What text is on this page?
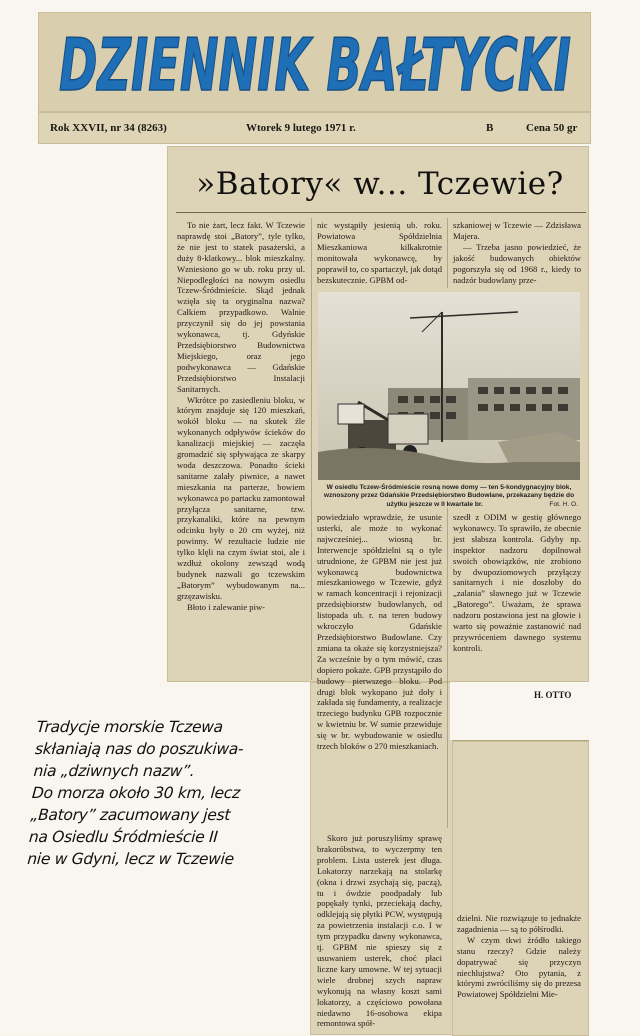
DZIENNIK BAŁTYCKI
Rok XXVII, nr 34 (8263)	Wtorek 9 lutego 1971 r.	B	Cena 50 gr
»Batory« w... Tczewie?

To nie żart, lecz fakt. W Tczewie naprawdę stoi „Batory”, tyle tylko, że nie jest to statek pasażerski, a duży 8-klatkowy... blok mieszkalny. Wzniesiono go w ub. roku przy ul. Niepodległości na nowym osiedlu Tczew-Śródmieście. Skąd jednak wzięła się ta oryginalna nazwa? Całkiem przypadkowo. Walnie przyczynił się do jej powstania wykonawca, tj. Gdyńskie Przedsiębiorstwo Budownictwa Miejskiego, oraz jego podwykonawca — Gdańskie Przedsiębiorstwo Instalacji Sanitarnych.

Wkrótce po zasiedleniu bloku, w którym znajduje się 120 mieszkań, wokół bloku — na skutek źle wykonanych odpływów ścieków do kanalizacji miejskiej — zaczęła gromadzić się spływająca ze skarpy woda deszczowa. Ponadto ścieki sanitarne zalały piwnice, a nawet mieszkania na parterze, bowiem wykonawca po partacku zamontował przyłącza sanitarne, tzw. przykanaliki, które na pewnym odcinku były o 20 cm wyżej, niż powinny. W rezultacie ludzie nie tylko klęli na czym świat stoi, ale i wzdłuż okolony zewsząd wodą budynek nazwali go tczewskim „Batorym” wybudowanym na... grzęzawisku.

Błoto i zalewanie piw-

nic wystąpiły jesienią ub. roku. Powiatowa Spółdzielnia Mieszkaniowa kilkakrotnie monitowała wykonawcę, by poprawił to, co spartaczył, jak dotąd bezskutecznie. GPBM od-

szkaniowej w Tczewie — Zdzisława Majera.

— Trzeba jasno powiedzieć, że jakość budowanych obiektów pogorszyła się od 1968 r., kiedy to nadzór budowlany prze-

W osiedlu Tczew-Śródmieście rosną nowe domy — ten 5-kondygnacyjny blok, wznoszony przez Gdańskie Przedsiębiorstwo Budowlane, przekazany będzie do użytku jeszcze w II kwartale br.	Fot. H. O.

powiedziało wprawdzie, że usunie usterki, ale może to wykonać najwcześniej... wiosną br. Interwencje spółdzielni są o tyle utrudnione, że GPBM nie jest już wykonawcą budownictwa mieszkaniowego w Tczewie, gdyż w ramach koncentracji i rejonizacji przedsiębiorstw budowlanych, od listopada ub. r. na teren budowy wkroczyło Gdańskie Przedsiębiorstwo Budowlane. Czy zmiana ta okaże się korzystniejsza? Za wcześnie by o tym mówić, czas dopiero pokaże. GPB przystąpiło do budowy pierwszego bloku. Pod drugi blok wykopano już doły i zakłada się fundamenty, a realizacje trzeciego budynku GPB rozpocznie w kwietniu br. W sumie przewiduje się w br. wybudowanie w osiedlu trzech bloków o 270 mieszkaniach.

szedł z ODIM w gestię głównego wykonawcy. To sprawiło, że obecnie jest słabsza kontrola. Gdyby np. inspektor nadzoru dopilnował swoich obowiązków, nie zrobiono by dwupoziomowych przyłączy sanitarnych i nie doszłoby do „zalania” sławnego już w Tczewie „Batorego”. Uważam, że sprawa nadzoru postawiona jest na głowie i warto się poważnie zastanowić nad przywróceniem dawnego systemu kontroli.

H. OTTO

Skoro już poruszyliśmy sprawę brakoróbstwa, to wyczerpmy ten problem. Lista usterek jest długa. Lokatorzy narzekają na stolarkę (okna i drzwi zsychają się, paczą), tu i ówdzie poodpadały lub popękały tynki, przeciekają dachy, odklejają się płytki PCW, występują za powietrzenia instalacji c.o. I w tym przypadku dawny wykonawca, tj. GPBM nie spieszy się z usuwaniem usterek, choć płaci liczne kary umowne. W tej sytuacji wiele drobnej szych napraw wykonują na własny koszt sami lokatorzy, a częściowo powołana niedawno 16-osobowa ekipa remontowa spół-

dzielni. Nie rozwiązuje to jednakże zagadnienia — są to półśrodki.

W czym tkwi źródło takiego stanu rzeczy? Gdzie należy dopatrywać się przyczyn niechlujstwa? Oto pytania, z którymi zwróciliśmy się do prezesa Powiatowej Spółdzielni Mie-

Tradycje morskie Tczewa
skłaniają nas do poszukiwa-
nia „dziwnych nazw”.
Do morza około 30 km, lecz
„Batory” zacumowany jest
na Osiedlu Śródmieście II
nie w Gdyni, lecz w Tczewie
